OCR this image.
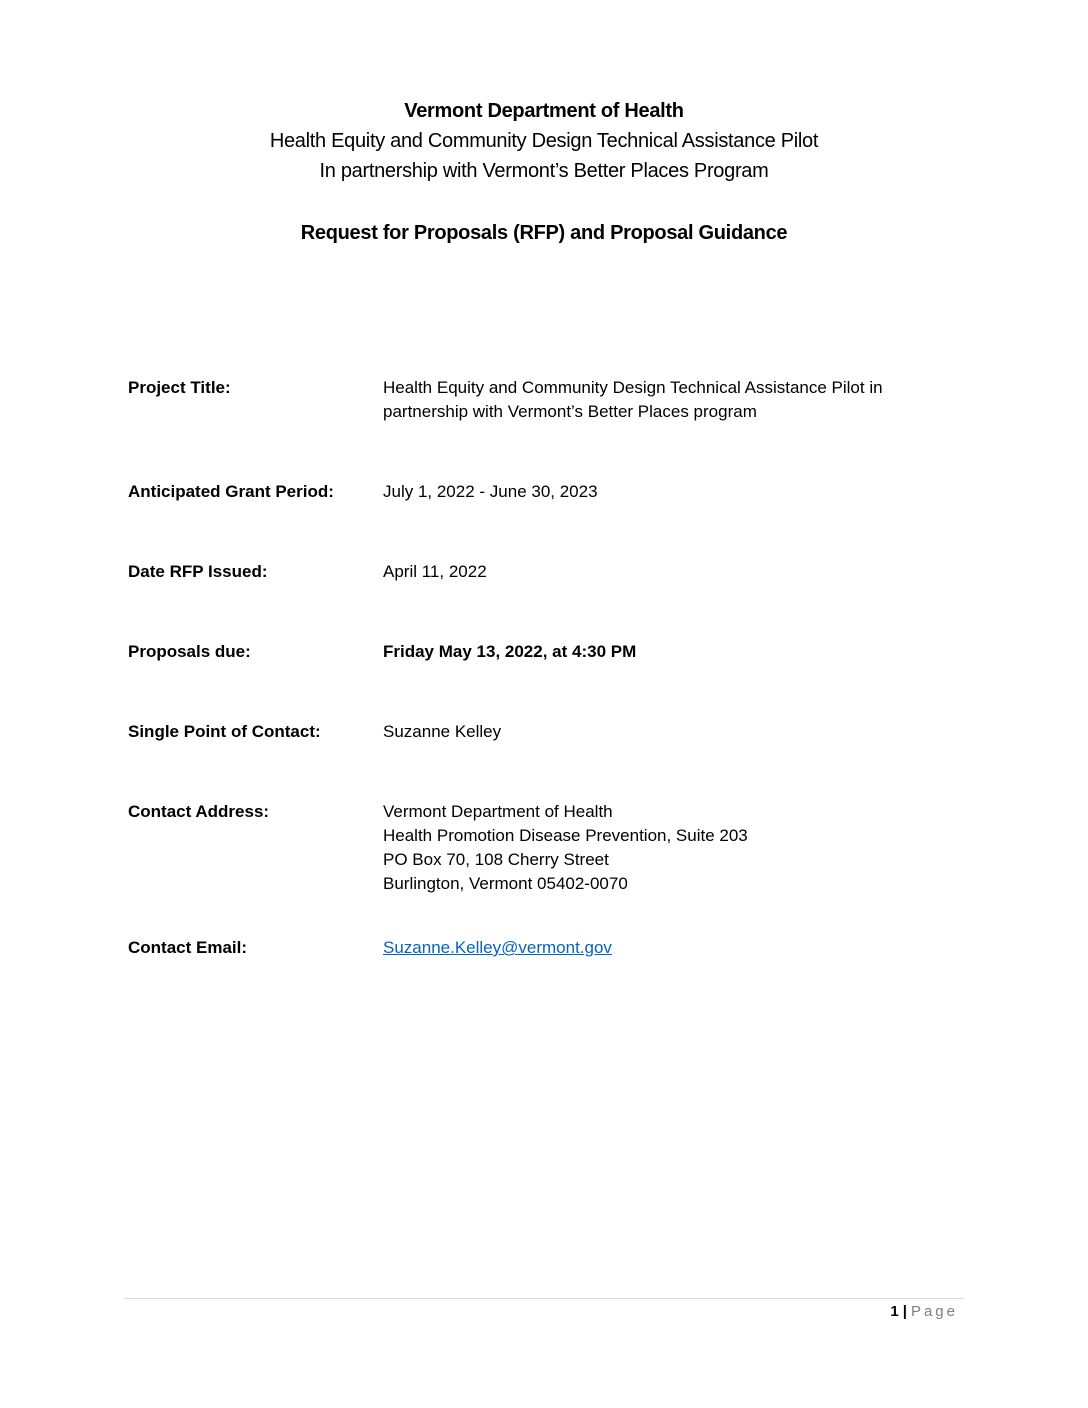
Vermont Department of Health
Health Equity and Community Design Technical Assistance Pilot
In partnership with Vermont’s Better Places Program
Request for Proposals (RFP) and Proposal Guidance
Project Title:	Health Equity and Community Design Technical Assistance Pilot in
partnership with Vermont’s Better Places program
Anticipated Grant Period:	July 1, 2022 - June 30, 2023
Date RFP Issued:	April 11, 2022
Proposals due:	Friday May 13, 2022, at 4:30 PM
Single Point of Contact:	Suzanne Kelley
Contact Address:	Vermont Department of Health
Health Promotion Disease Prevention, Suite 203
PO Box 70, 108 Cherry Street
Burlington, Vermont 05402-0070
Contact Email:	Suzanne.Kelley@vermont.gov
1 | Page
